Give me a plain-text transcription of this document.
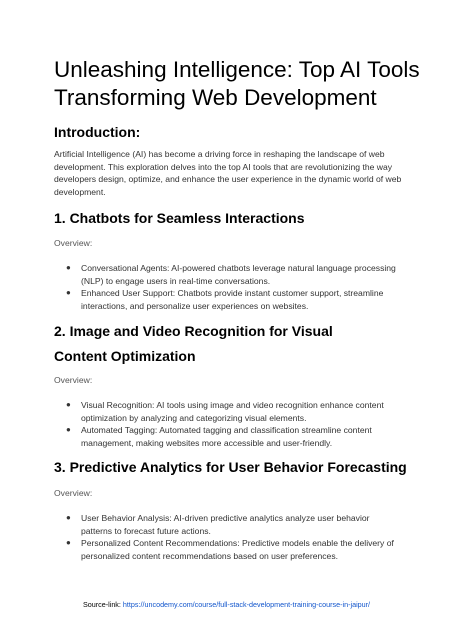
Unleashing Intelligence: Top AI Tools Transforming Web Development
Introduction:

Artificial Intelligence (AI) has become a driving force in reshaping the landscape of web development. This exploration delves into the top AI tools that are revolutionizing the way developers design, optimize, and enhance the user experience in the dynamic world of web development.

1. Chatbots for Seamless Interactions

Overview:

● Conversational Agents: AI-powered chatbots leverage natural language processing (NLP) to engage users in real-time conversations.
● Enhanced User Support: Chatbots provide instant customer support, streamline interactions, and personalize user experiences on websites.
2. Image and Video Recognition for Visual Content Optimization

Overview:

● Visual Recognition: AI tools using image and video recognition enhance content optimization by analyzing and categorizing visual elements.
● Automated Tagging: Automated tagging and classification streamline content management, making websites more accessible and user-friendly.
3. Predictive Analytics for User Behavior Forecasting

Overview:

● User Behavior Analysis: AI-driven predictive analytics analyze user behavior patterns to forecast future actions.
● Personalized Content Recommendations: Predictive models enable the delivery of personalized content recommendations based on user preferences.
Source-link: https://uncodemy.com/course/full-stack-development-training-course-in-jaipur/
